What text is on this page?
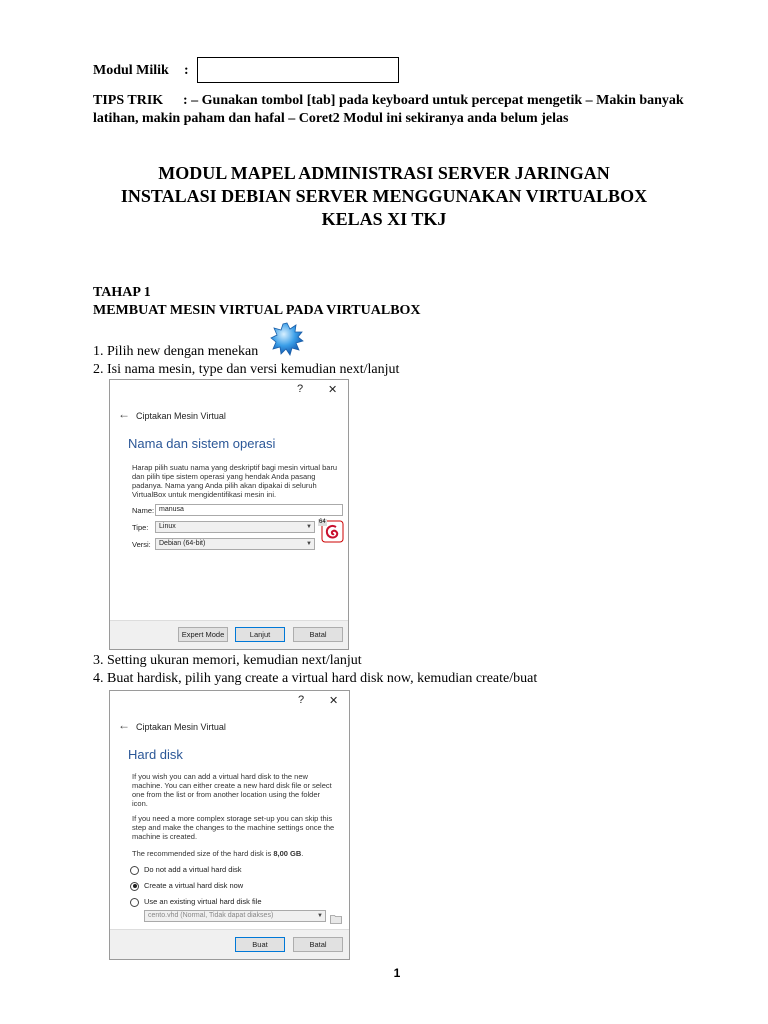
Modul Milik :
TIPS TRIK : – Gunakan tombol [tab] pada keyboard untuk percepat mengetik – Makin banyak
latihan, makin paham dan hafal – Coret2 Modul ini sekiranya anda belum jelas
MODUL MAPEL ADMINISTRASI SERVER JARINGAN
INSTALASI DEBIAN SERVER MENGGUNAKAN VIRTUALBOX
KELAS XI TKJ
TAHAP 1
MEMBUAT MESIN VIRTUAL PADA VIRTUALBOX
1. Pilih new dengan menekan
2. Isi nama mesin, type dan versi kemudian next/lanjut
? ✕
← Ciptakan Mesin Virtual
Nama dan sistem operasi
Harap pilih suatu nama yang deskriptif bagi mesin virtual baru
dan pilih tipe sistem operasi yang hendak Anda pasang
padanya. Nama yang Anda pilih akan dipakai di seluruh
VirtualBox untuk mengidentifikasi mesin ini.
Name: manusa
Tipe:	Linux	▼
Versi:	Debian (64-bit)	▼
64
Expert Mode	Lanjut	Batal
3. Setting ukuran memori, kemudian next/lanjut
4. Buat hardisk, pilih yang create a virtual hard disk now, kemudian create/buat
? ✕
← Ciptakan Mesin Virtual
Hard disk
If you wish you can add a virtual hard disk to the new
machine. You can either create a new hard disk file or select
one from the list or from another location using the folder
icon.
If you need a more complex storage set-up you can skip this
step and make the changes to the machine settings once the
machine is created.
The recommended size of the hard disk is 8,00 GB.
Do not add a virtual hard disk
Create a virtual hard disk now
Use an existing virtual hard disk file
cento.vhd (Normal, Tidak dapat diakses)	▼
Buat	Batal
1
